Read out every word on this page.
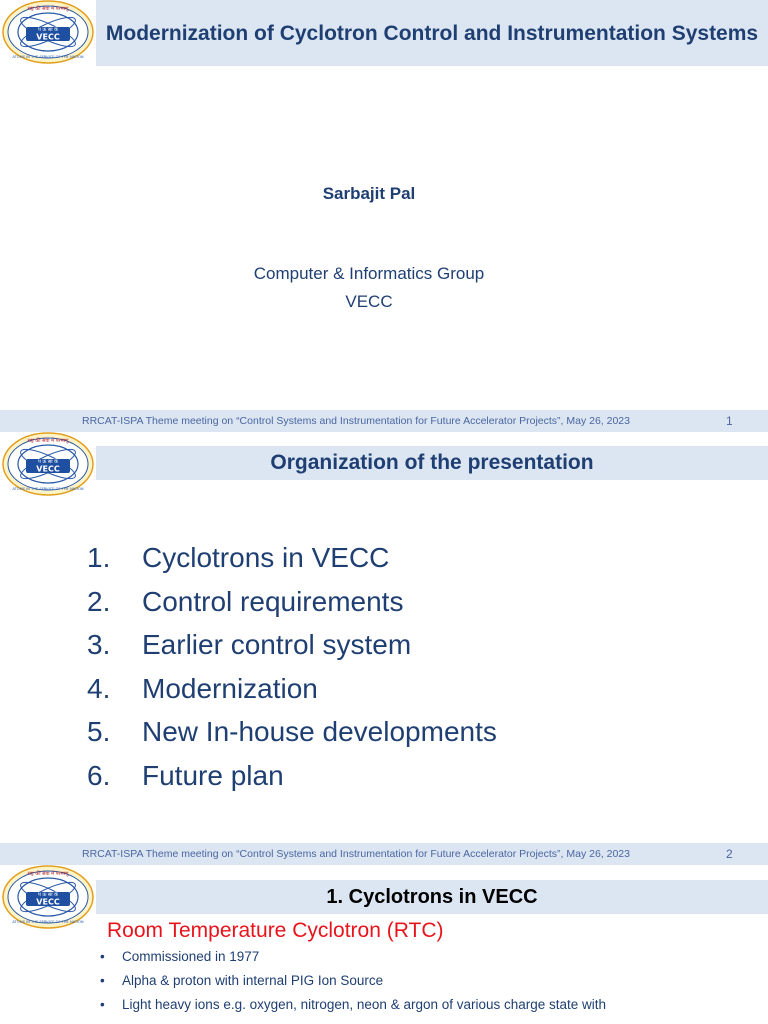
प ऊ सा कें
VECC
राष्ट्र की सेवा में परमाणु
ATOMS IN THE SERVICE OF THE NATION
Modernization of Cyclotron Control and Instrumentation Systems
Sarbajit Pal
Computer & Informatics Group
VECC
RRCAT-ISPA Theme meeting on “Control Systems and Instrumentation for Future Accelerator Projects”, May 26, 2023	1
प ऊ सा कें
VECC
राष्ट्र की सेवा में परमाणु
ATOMS IN THE SERVICE OF THE NATION
Organization of the presentation
1. Cyclotrons in VECC
2. Control requirements
3. Earlier control system
4. Modernization
5. New In-house developments
6. Future plan
RRCAT-ISPA Theme meeting on “Control Systems and Instrumentation for Future Accelerator Projects”, May 26, 2023	2
प ऊ सा कें
VECC
राष्ट्र की सेवा में परमाणु
ATOMS IN THE SERVICE OF THE NATION
1. Cyclotrons in VECC
Room Temperature Cyclotron (RTC)
• Commissioned in 1977
• Alpha & proton with internal PIG Ion Source
• Light heavy ions e.g. oxygen, nitrogen, neon & argon of various charge state with
